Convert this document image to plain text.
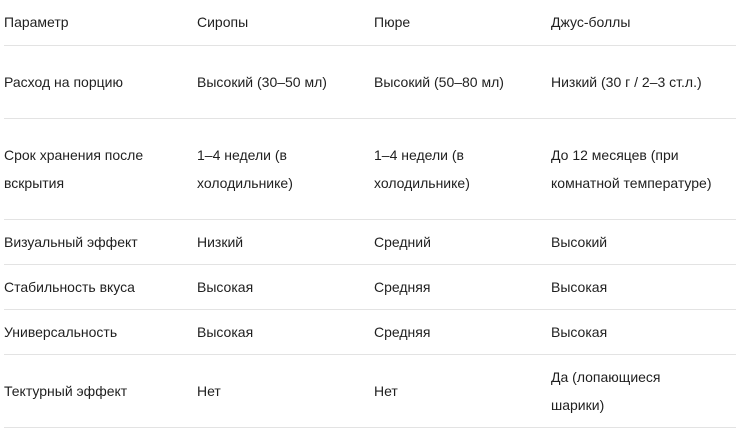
Параметр	Сиропы	Пюре	Джус-боллы

Расход на порцию	Высокий (30–50 мл)	Высокий (50–80 мл)	Низкий (30 г / 2–3 ст.л.)

Срок хранения после вскрытия	1–4 недели (в холодильнике)	1–4 недели (в холодильнике)	До 12 месяцев (при комнатной температуре)

Визуальный эффект	Низкий	Средний	Высокий

Стабильность вкуса	Высокая	Средняя	Высокая

Универсальность	Высокая	Средняя	Высокая

Тектурный эффект	Нет	Нет	Да (лопающиеся шарики)
